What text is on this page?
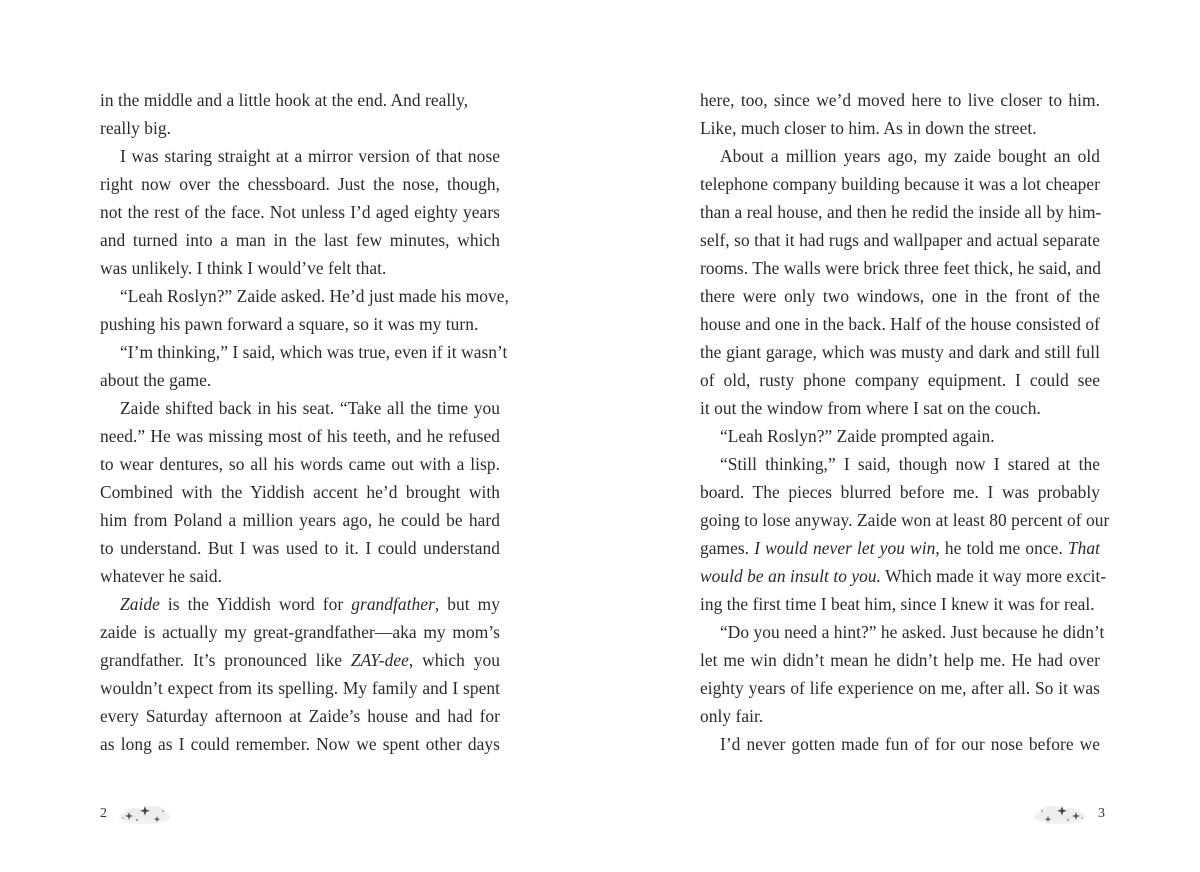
in the middle and a little hook at the end. And really,
really big.
I was staring straight at a mirror version of that nose
right now over the chessboard. Just the nose, though,
not the rest of the face. Not unless I’d aged eighty years
and turned into a man in the last few minutes, which
was unlikely. I think I would’ve felt that.
“Leah Roslyn?” Zaide asked. He’d just made his move,
pushing his pawn forward a square, so it was my turn.
“I’m thinking,” I said, which was true, even if it wasn’t
about the game.
Zaide shifted back in his seat. “Take all the time you
need.” He was missing most of his teeth, and he refused
to wear dentures, so all his words came out with a lisp.
Combined with the Yiddish accent he’d brought with
him from Poland a million years ago, he could be hard
to understand. But I was used to it. I could understand
whatever he said.
Zaide is the Yiddish word for grandfather, but my
zaide is actually my great-grandfather—aka my mom’s
grandfather. It’s pronounced like ZAY-dee, which you
wouldn’t expect from its spelling. My family and I spent
every Saturday afternoon at Zaide’s house and had for
as long as I could remember. Now we spent other days
here, too, since we’d moved here to live closer to him.
Like, much closer to him. As in down the street.
About a million years ago, my zaide bought an old
telephone company building because it was a lot cheaper
than a real house, and then he redid the inside all by him-
self, so that it had rugs and wallpaper and actual separate
rooms. The walls were brick three feet thick, he said, and
there were only two windows, one in the front of the
house and one in the back. Half of the house consisted of
the giant garage, which was musty and dark and still full
of old, rusty phone company equipment. I could see
it out the window from where I sat on the couch.
“Leah Roslyn?” Zaide prompted again.
“Still thinking,” I said, though now I stared at the
board. The pieces blurred before me. I was probably
going to lose anyway. Zaide won at least 80 percent of our
games. I would never let you win, he told me once. That
would be an insult to you. Which made it way more excit-
ing the first time I beat him, since I knew it was for real.
“Do you need a hint?” he asked. Just because he didn’t
let me win didn’t mean he didn’t help me. He had over
eighty years of life experience on me, after all. So it was
only fair.
I’d never gotten made fun of for our nose before we
2	3
